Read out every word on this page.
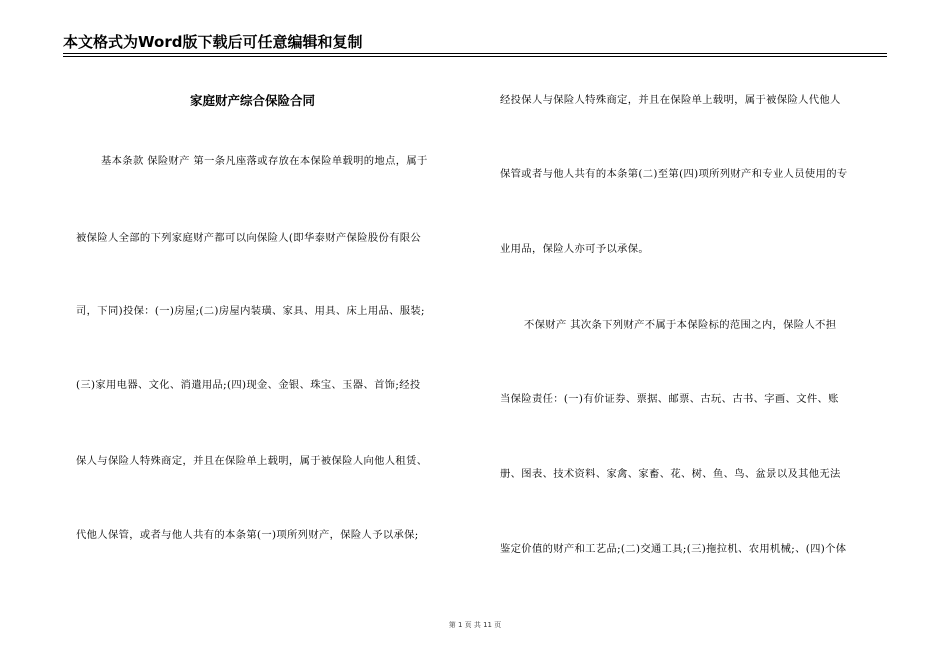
本文格式为Word版下载后可任意编辑和复制
家庭财产综合保险合同
基本条款 保险财产 第一条凡座落或存放在本保险单载明的地点，属于
被保险人全部的下列家庭财产都可以向保险人(即华泰财产保险股份有限公
司，下同)投保：(一)房屋;(二)房屋内装璜、家具、用具、床上用品、服装;
(三)家用电器、文化、消遣用品;(四)现金、金银、珠宝、玉器、首饰;经投
保人与保险人特殊商定，并且在保险单上载明，属于被保险人向他人租赁、
代他人保管，或者与他人共有的本条第(一)项所列财产，保险人予以承保;
经投保人与保险人特殊商定，并且在保险单上载明，属于被保险人代他人
保管或者与他人共有的本条第(二)至第(四)项所列财产和专业人员使用的专
业用品，保险人亦可予以承保。
不保财产 其次条下列财产不属于本保险标的范围之内，保险人不担
当保险责任：(一)有价证券、票据、邮票、古玩、古书、字画、文件、账
册、图表、技术资料、家禽、家畜、花、树、鱼、鸟、盆景以及其他无法
鉴定价值的财产和工艺品;(二)交通工具;(三)拖拉机、农用机械;、(四)个体
第 1 页 共 11 页
